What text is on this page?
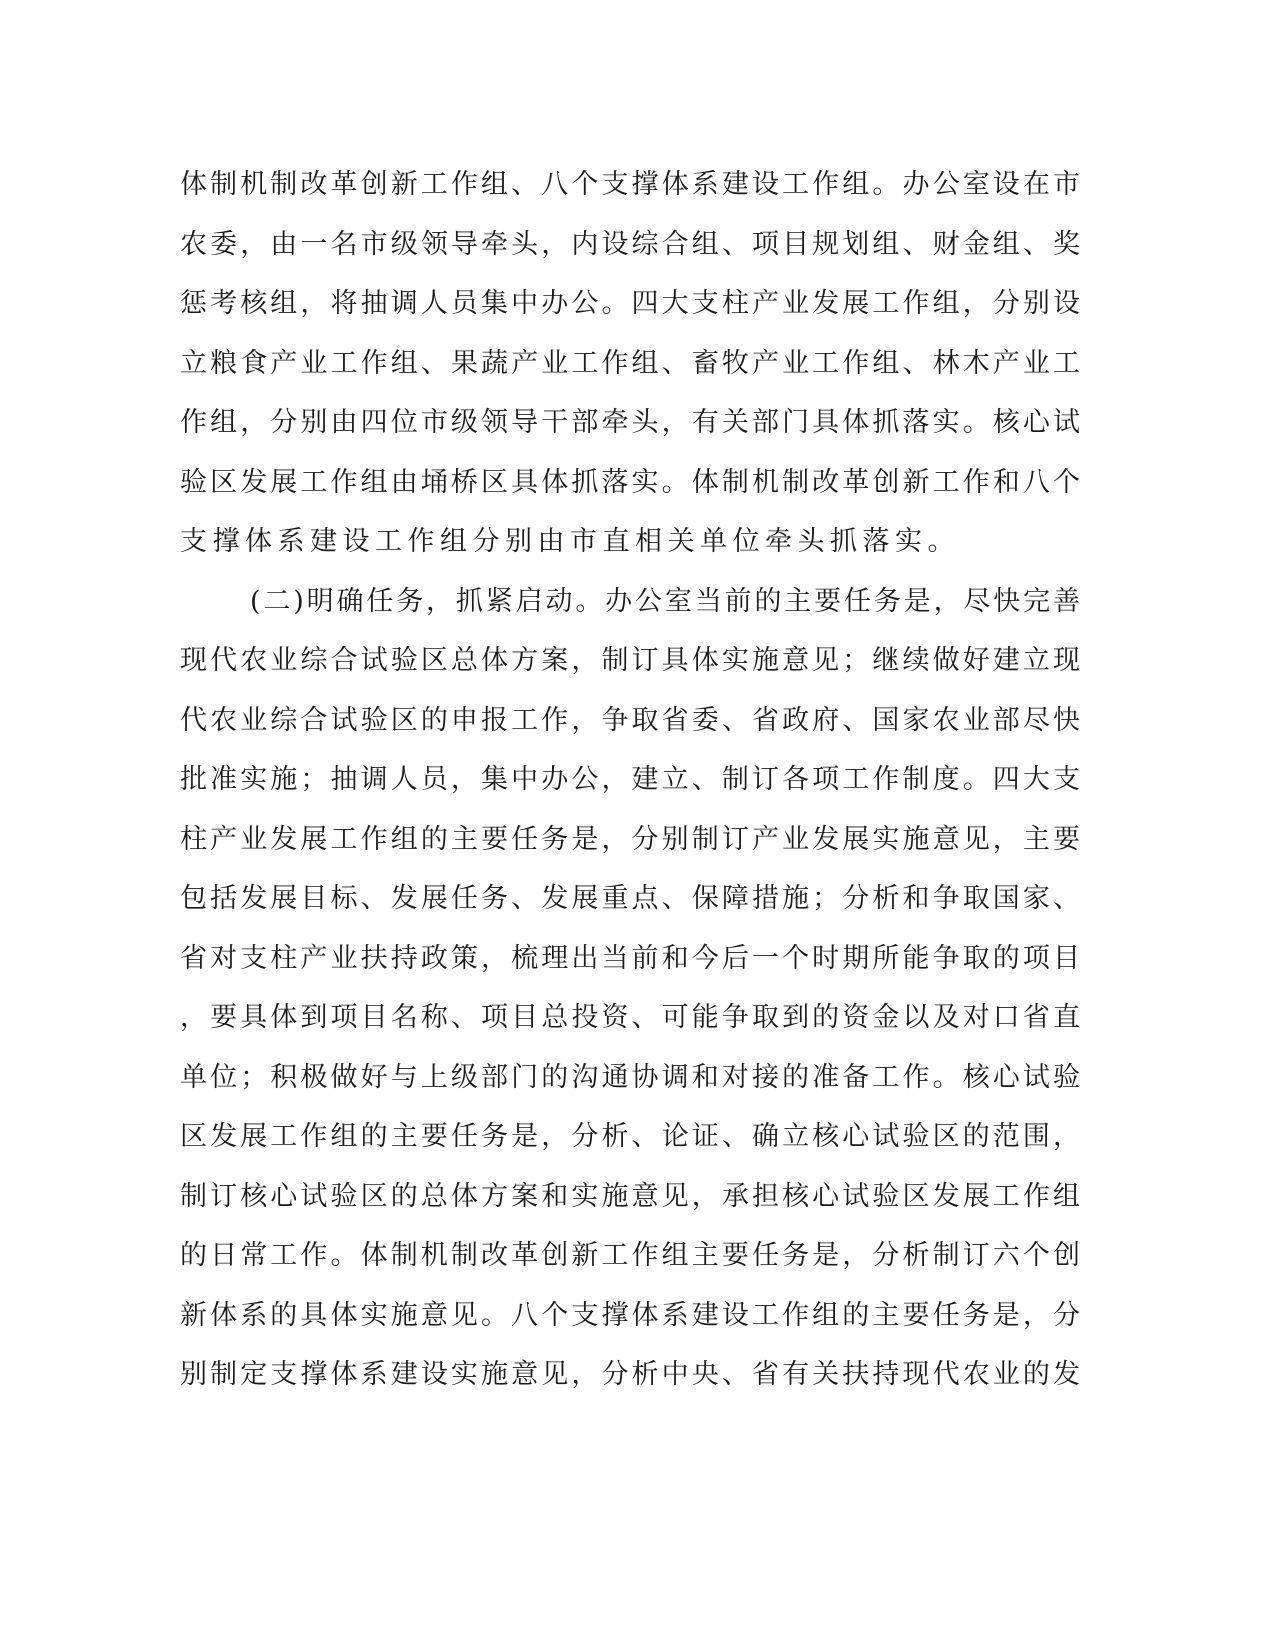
体制机制改革创新工作组、八个支撑体系建设工作组。办公室设在市
农委，由一名市级领导牵头，内设综合组、项目规划组、财金组、奖
惩考核组，将抽调人员集中办公。四大支柱产业发展工作组，分别设
立粮食产业工作组、果蔬产业工作组、畜牧产业工作组、林木产业工
作组，分别由四位市级领导干部牵头，有关部门具体抓落实。核心试
验区发展工作组由埇桥区具体抓落实。体制机制改革创新工作和八个
支撑体系建设工作组分别由市直相关单位牵头抓落实。
(二)明确任务，抓紧启动。办公室当前的主要任务是，尽快完善
现代农业综合试验区总体方案，制订具体实施意见；继续做好建立现
代农业综合试验区的申报工作，争取省委、省政府、国家农业部尽快
批准实施；抽调人员，集中办公，建立、制订各项工作制度。四大支
柱产业发展工作组的主要任务是，分别制订产业发展实施意见，主要
包括发展目标、发展任务、发展重点、保障措施；分析和争取国家、
省对支柱产业扶持政策，梳理出当前和今后一个时期所能争取的项目
，要具体到项目名称、项目总投资、可能争取到的资金以及对口省直
单位；积极做好与上级部门的沟通协调和对接的准备工作。核心试验
区发展工作组的主要任务是，分析、论证、确立核心试验区的范围，
制订核心试验区的总体方案和实施意见，承担核心试验区发展工作组
的日常工作。体制机制改革创新工作组主要任务是，分析制订六个创
新体系的具体实施意见。八个支撑体系建设工作组的主要任务是，分
别制定支撑体系建设实施意见，分析中央、省有关扶持现代农业的发
